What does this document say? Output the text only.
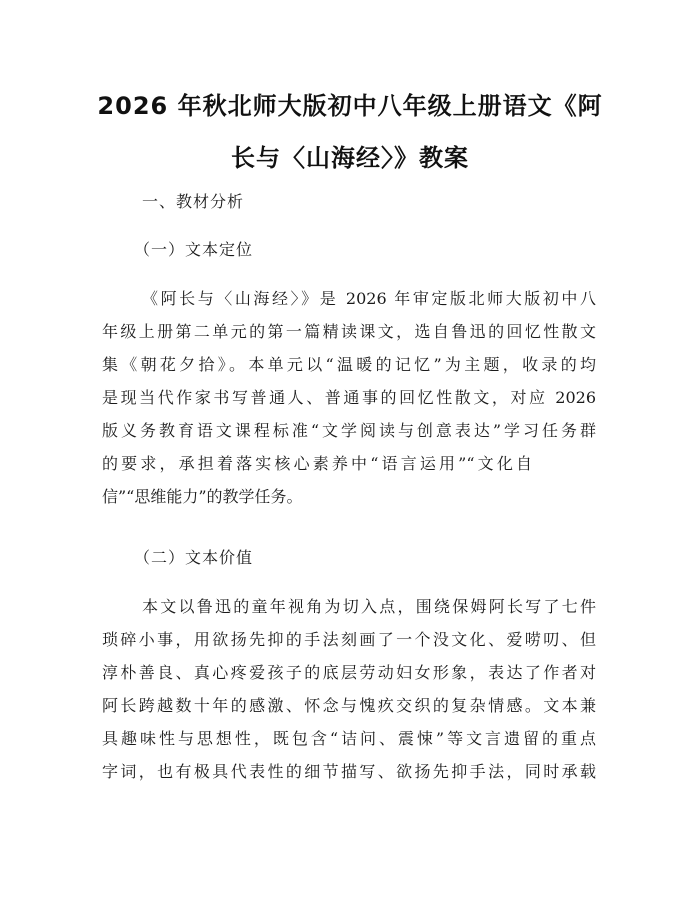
2026 年秋北师大版初中八年级上册语文《阿
长与〈山海经〉》教案

一、教材分析

（一）文本定位

《阿长与〈山海经〉》是 2026 年审定版北师大版初中八

年级上册第二单元的第一篇精读课文，选自鲁迅的回忆性散文

集《朝花夕拾》。本单元以“温暖的记忆”为主题，收录的均

是现当代作家书写普通人、普通事的回忆性散文，对应 2026

版义务教育语文课程标准“文学阅读与创意表达”学习任务群

的要求，承担着落实核心素养中“语言运用”“文化自

信”“思维能力”的教学任务。

（二）文本价值

本文以鲁迅的童年视角为切入点，围绕保姆阿长写了七件

琐碎小事，用欲扬先抑的手法刻画了一个没文化、爱唠叨、但

淳朴善良、真心疼爱孩子的底层劳动妇女形象，表达了作者对

阿长跨越数十年的感激、怀念与愧疚交织的复杂情感。文本兼

具趣味性与思想性，既包含“诘问、震悚”等文言遗留的重点

字词，也有极具代表性的细节描写、欲扬先抑手法，同时承载
